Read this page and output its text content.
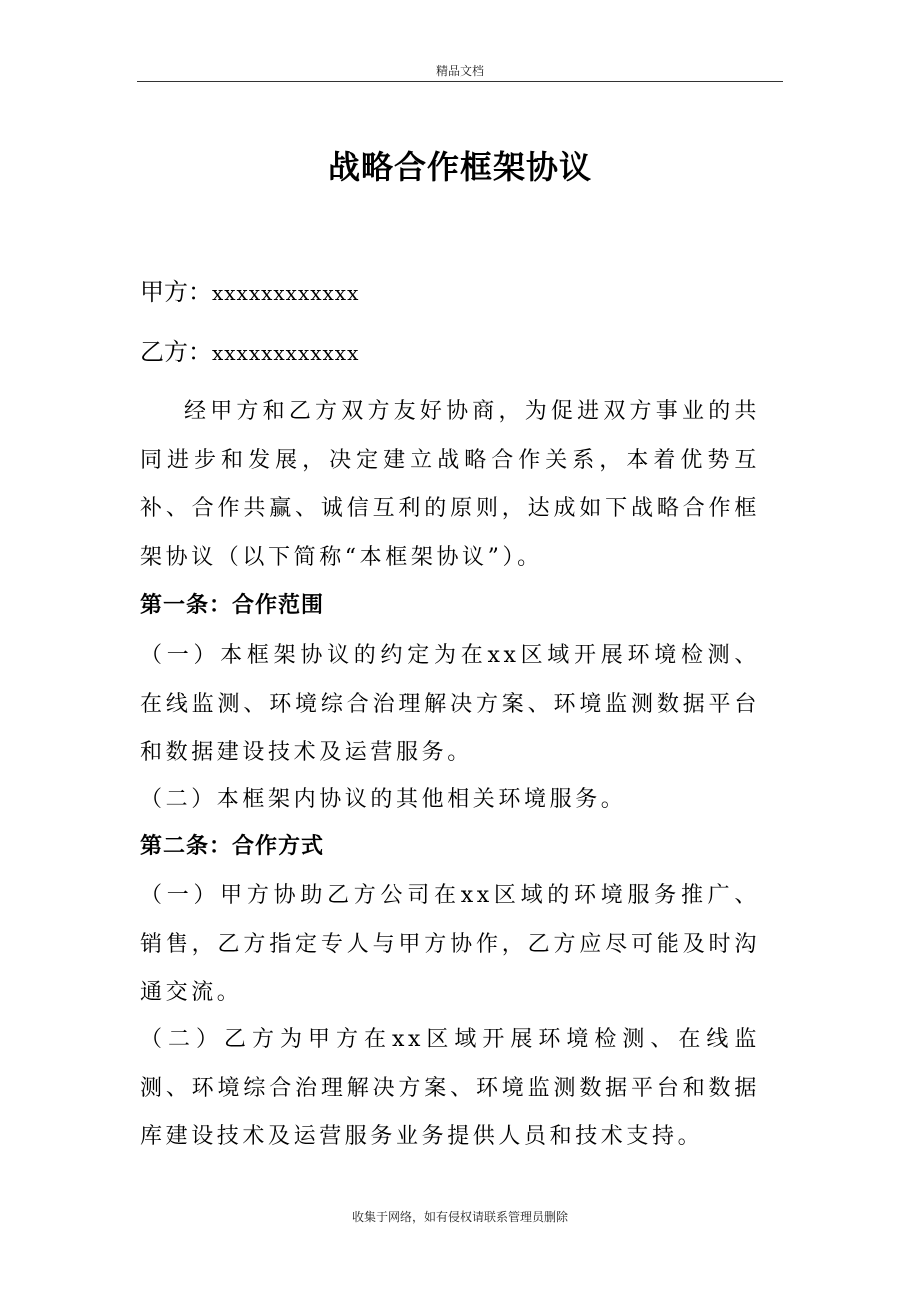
精品文档
战略合作框架协议
甲方：xxxxxxxxxxxx
乙方：xxxxxxxxxxxx

经甲方和乙方双方友好协商，为促进双方事业的共同进步和发展，决定建立战略合作关系，本着优势互补、合作共赢、诚信互利的原则，达成如下战略合作框架协议（以下简称“本框架协议”）。

第一条：合作范围

（一）本框架协议的约定为在xx区域开展环境检测、在线监测、环境综合治理解决方案、环境监测数据平台和数据建设技术及运营服务。

（二）本框架内协议的其他相关环境服务。

第二条：合作方式

（一）甲方协助乙方公司在xx区域的环境服务推广、销售，乙方指定专人与甲方协作，乙方应尽可能及时沟通交流。

（二）乙方为甲方在xx区域开展环境检测、在线监测、环境综合治理解决方案、环境监测数据平台和数据库建设技术及运营服务业务提供人员和技术支持。

收集于网络，如有侵权请联系管理员删除
